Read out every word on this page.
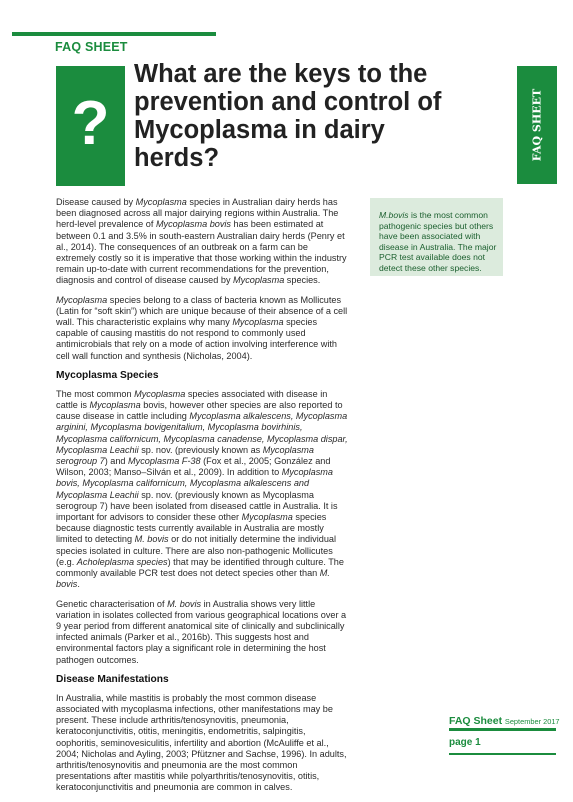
FAQ SHEET
?
What are the keys to the prevention and control of Mycoplasma in dairy herds?	FAQ SHEET

Disease caused by Mycoplasma species in Australian dairy herds has been diagnosed across all major dairying regions within Australia. The herd-level prevalence of Mycoplasma bovis has been estimated at between 0.1 and 3.5% in south-eastern Australian dairy herds (Penry et al., 2014). The consequences of an outbreak on a farm can be extremely costly so it is imperative that those working within the industry remain up-to-date with current recommendations for the prevention, diagnosis and control of disease caused by Mycoplasma species.

Mycoplasma species belong to a class of bacteria known as Mollicutes (Latin for “soft skin”) which are unique because of their absence of a cell wall. This characteristic explains why many Mycoplasma species capable of causing mastitis do not respond to commonly used antimicrobials that rely on a mode of action involving interference with cell wall function and synthesis (Nicholas, 2004).

Mycoplasma Species

The most common Mycoplasma species associated with disease in cattle is Mycoplasma bovis, however other species are also reported to cause disease in cattle including Mycoplasma alkalescens, Mycoplasma arginini, Mycoplasma bovigenitalium, Mycoplasma bovirhinis, Mycoplasma californicum, Mycoplasma canadense, Mycoplasma dispar, Mycoplasma Leachii sp. nov. (previously known as Mycoplasma serogroup 7) and Mycoplasma F-38 (Fox et al., 2005; González and Wilson, 2003; Manso–Silván et al., 2009). In addition to Mycoplasma bovis, Mycoplasma californicum, Mycoplasma alkalescens and Mycoplasma Leachii sp. nov. (previously known as Mycoplasma serogroup 7) have been isolated from diseased cattle in Australia. It is important for advisors to consider these other Mycoplasma species because diagnostic tests currently available in Australia are mostly limited to detecting M. bovis or do not initially determine the individual species isolated in culture. There are also non-pathogenic Mollicutes (e.g. Acholeplasma species) that may be identified through culture. The commonly available PCR test does not detect species other than M. bovis.

Genetic characterisation of M. bovis in Australia shows very little variation in isolates collected from various geographical locations over a 9 year period from different anatomical site of clinically and subclinically infected animals (Parker et al., 2016b). This suggests host and environmental factors play a significant role in determining the host pathogen outcomes.

Disease Manifestations

In Australia, while mastitis is probably the most common disease associated with mycoplasma infections, other manifestations may be present. These include arthritis/tenosynovitis, pneumonia, keratoconjunctivitis, otitis, meningitis, endometritis, salpingitis, oophoritis, seminovesiculitis, infertility and abortion (McAuliffe et al., 2004; Nicholas and Ayling, 2003; Pfützner and Sachse, 1996). In adults, arthritis/tenosynovitis and pneumonia are the most common presentations after mastitis while polyarthritis/tenosynovitis, otitis, keratoconjunctivitis and pneumonia are common in calves.

M.bovis is the most common pathogenic species but others have been associated with disease in Australia. The major PCR test available does not detect these other species.
FAQ Sheet September 2017
page 1
